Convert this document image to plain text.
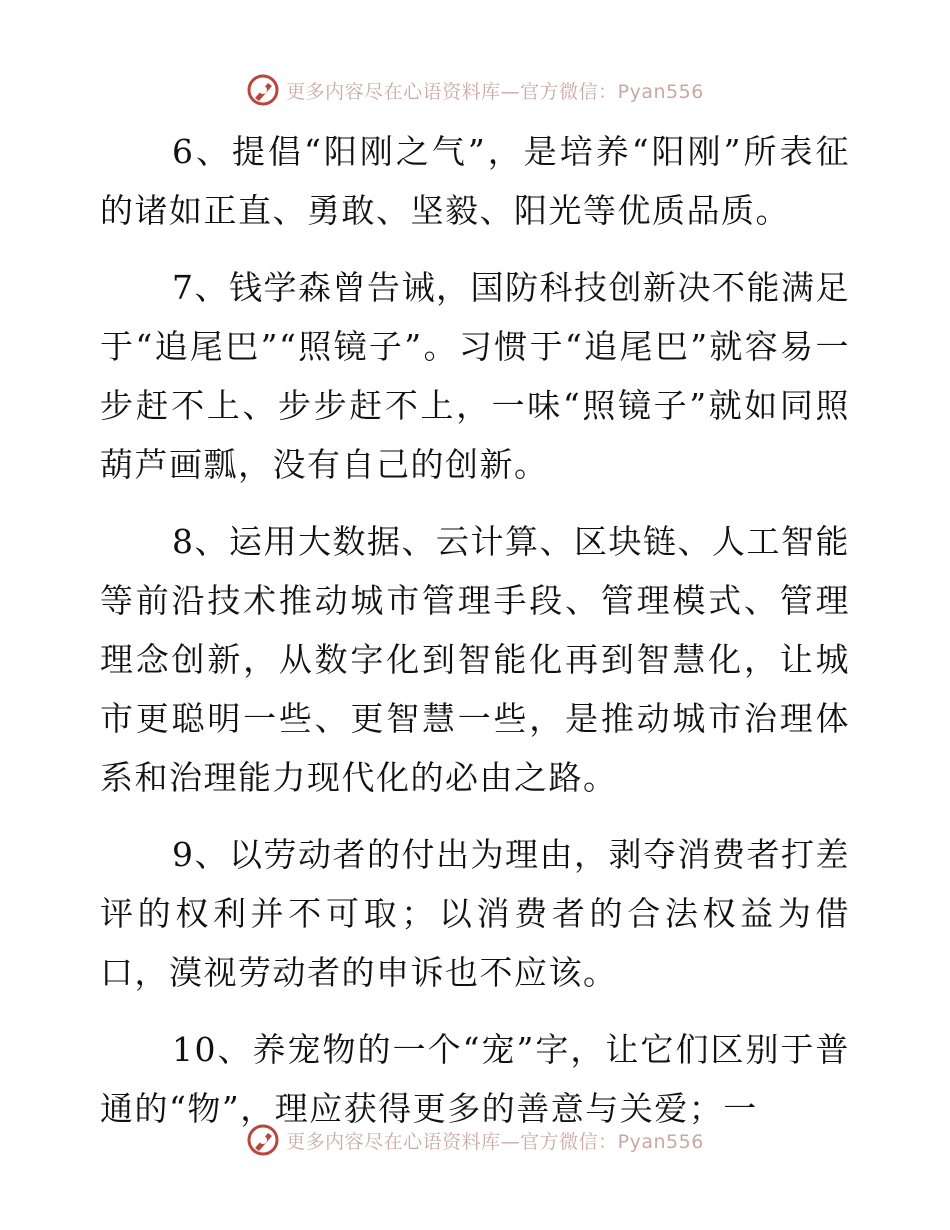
更多内容尽在心语资料库—官方微信：Pyan556

6、提倡“阳刚之气”，是培养“阳刚”所表征的诸如正直、勇敢、坚毅、阳光等优质品质。

7、钱学森曾告诫，国防科技创新决不能满足于“追尾巴”“照镜子”。习惯于“追尾巴”就容易一步赶不上、步步赶不上，一味“照镜子”就如同照葫芦画瓢，没有自己的创新。

8、运用大数据、云计算、区块链、人工智能等前沿技术推动城市管理手段、管理模式、管理理念创新，从数字化到智能化再到智慧化，让城市更聪明一些、更智慧一些，是推动城市治理体系和治理能力现代化的必由之路。

9、以劳动者的付出为理由，剥夺消费者打差评的权利并不可取；以消费者的合法权益为借口，漠视劳动者的申诉也不应该。

10、养宠物的一个“宠”字，让它们区别于普通的“物”，理应获得更多的善意与关爱；一

更多内容尽在心语资料库—官方微信：Pyan556
